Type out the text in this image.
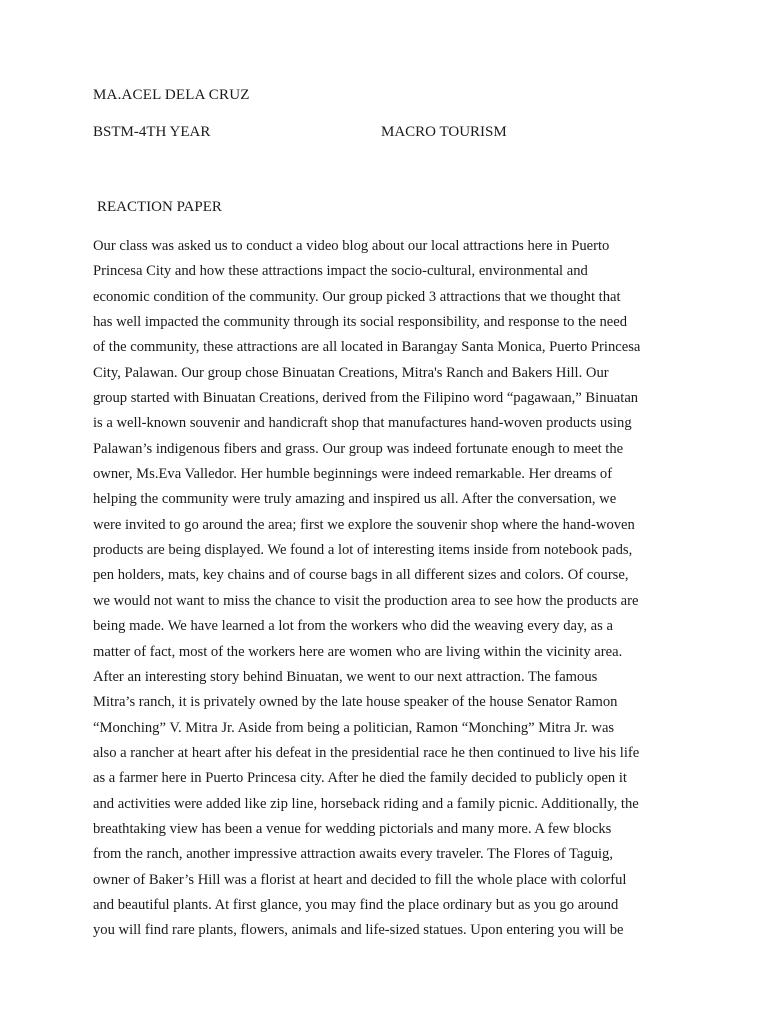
MA.ACEL DELA CRUZ
BSTM-4TH YEAR	MACRO TOURISM
REACTION PAPER
Our class was asked us to conduct a video blog about our local attractions here in Puerto
Princesa City and how these attractions impact the socio-cultural, environmental and
economic condition of the community. Our group picked 3 attractions that we thought that
has well impacted the community through its social responsibility, and response to the need
of the community, these attractions are all located in Barangay Santa Monica, Puerto Princesa
City, Palawan. Our group chose Binuatan Creations, Mitra's Ranch and Bakers Hill. Our
group started with Binuatan Creations, derived from the Filipino word “pagawaan,” Binuatan
is a well-known souvenir and handicraft shop that manufactures hand-woven products using
Palawan’s indigenous fibers and grass. Our group was indeed fortunate enough to meet the
owner, Ms.Eva Valledor. Her humble beginnings were indeed remarkable. Her dreams of
helping the community were truly amazing and inspired us all. After the conversation, we
were invited to go around the area; first we explore the souvenir shop where the hand-woven
products are being displayed. We found a lot of interesting items inside from notebook pads,
pen holders, mats, key chains and of course bags in all different sizes and colors. Of course,
we would not want to miss the chance to visit the production area to see how the products are
being made. We have learned a lot from the workers who did the weaving every day, as a
matter of fact, most of the workers here are women who are living within the vicinity area.
After an interesting story behind Binuatan, we went to our next attraction. The famous
Mitra’s ranch, it is privately owned by the late house speaker of the house Senator Ramon
“Monching” V. Mitra Jr. Aside from being a politician, Ramon “Monching” Mitra Jr. was
also a rancher at heart after his defeat in the presidential race he then continued to live his life
as a farmer here in Puerto Princesa city. After he died the family decided to publicly open it
and activities were added like zip line, horseback riding and a family picnic. Additionally, the
breathtaking view has been a venue for wedding pictorials and many more. A few blocks
from the ranch, another impressive attraction awaits every traveler. The Flores of Taguig,
owner of Baker’s Hill was a florist at heart and decided to fill the whole place with colorful
and beautiful plants. At first glance, you may find the place ordinary but as you go around
you will find rare plants, flowers, animals and life-sized statues. Upon entering you will be
